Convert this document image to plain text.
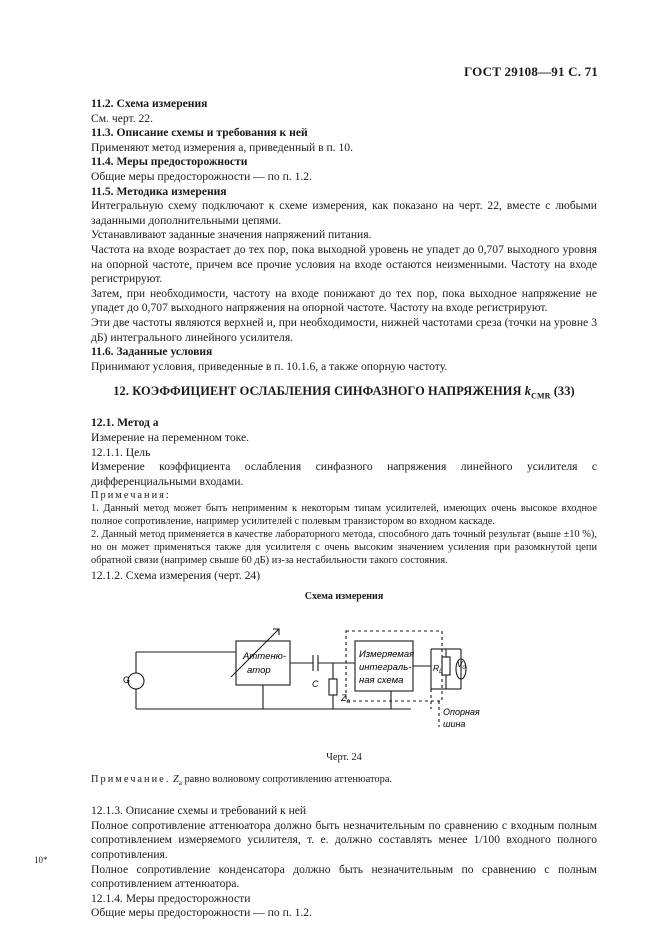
ГОСТ 29108—91 С. 71

11.2. Схема измерения

См. черт. 22.

11.3. Описание схемы и требования к ней

Применяют метод измерения а, приведенный в п. 10.

11.4. Меры предосторожности

Общие меры предосторожности — по п. 1.2.

11.5. Методика измерения

Интегральную схему подключают к схеме измерения, как показано на черт. 22, вместе с любыми заданными дополнительными цепями.

Устанавливают заданные значения напряжений питания.

Частота на входе возрастает до тех пор, пока выходной уровень не упадет до 0,707 выходного уровня на опорной частоте, причем все прочие условия на входе остаются неизменными. Частоту на входе регистрируют.

Затем, при необходимости, частоту на входе понижают до тех пор, пока выходное напряжение не упадет до 0,707 выходного напряжения на опорной частоте. Частоту на входе регистрируют.

Эти две частоты являются верхней и, при необходимости, нижней частотами среза (точки на уровне 3 дБ) интегрального линейного усилителя.

11.6. Заданные условия

Принимают условия, приведенные в п. 10.1.6, а также опорную частоту.

12. КОЭФФИЦИЕНТ ОСЛАБЛЕНИЯ СИНФАЗНОГО НАПРЯЖЕНИЯ $k_{CMR}$ (33)

12.1. Метод а

Измерение на переменном токе.

12.1.1. Цель

Измерение коэффициента ослабления синфазного напряжения линейного усилителя с дифференциальными входами.

Примечания:

1. Данный метод может быть неприменим к некоторым типам усилителей, имеющих очень высокое входное полное сопротивление, например усилителей с полевым транзистором во входном каскаде.

2. Данный метод применяется в качестве лабораторного метода, способного дать точный результат (выше ±10 %), но он может применяться также для усилителя с очень высоким значением усиления при разомкнутой цепи обратной связи (например свыше 60 дБ) из-за нестабильности такого состояния.

12.1.2. Схема измерения (черт. 24)

Схема измерения

G
Аттеню-
атор
C
$Z_a$
Измеряемая
интеграль-
ная схема
$R_L$
$V_o$
Опорная
шина

Черт. 24

Примечание. $Z_a$ равно волновому сопротивлению аттенюатора.

12.1.3. Описание схемы и требований к ней

Полное сопротивление аттенюатора должно быть незначительным по сравнению с входным полным сопротивлением измеряемого усилителя, т. е. должно составлять менее 1/100 входного полного сопротивления.

Полное сопротивление конденсатора должно быть незначительным по сравнению с полным сопротивлением аттенюатора.

12.1.4. Меры предосторожности

Общие меры предосторожности — по п. 1.2.

10*
